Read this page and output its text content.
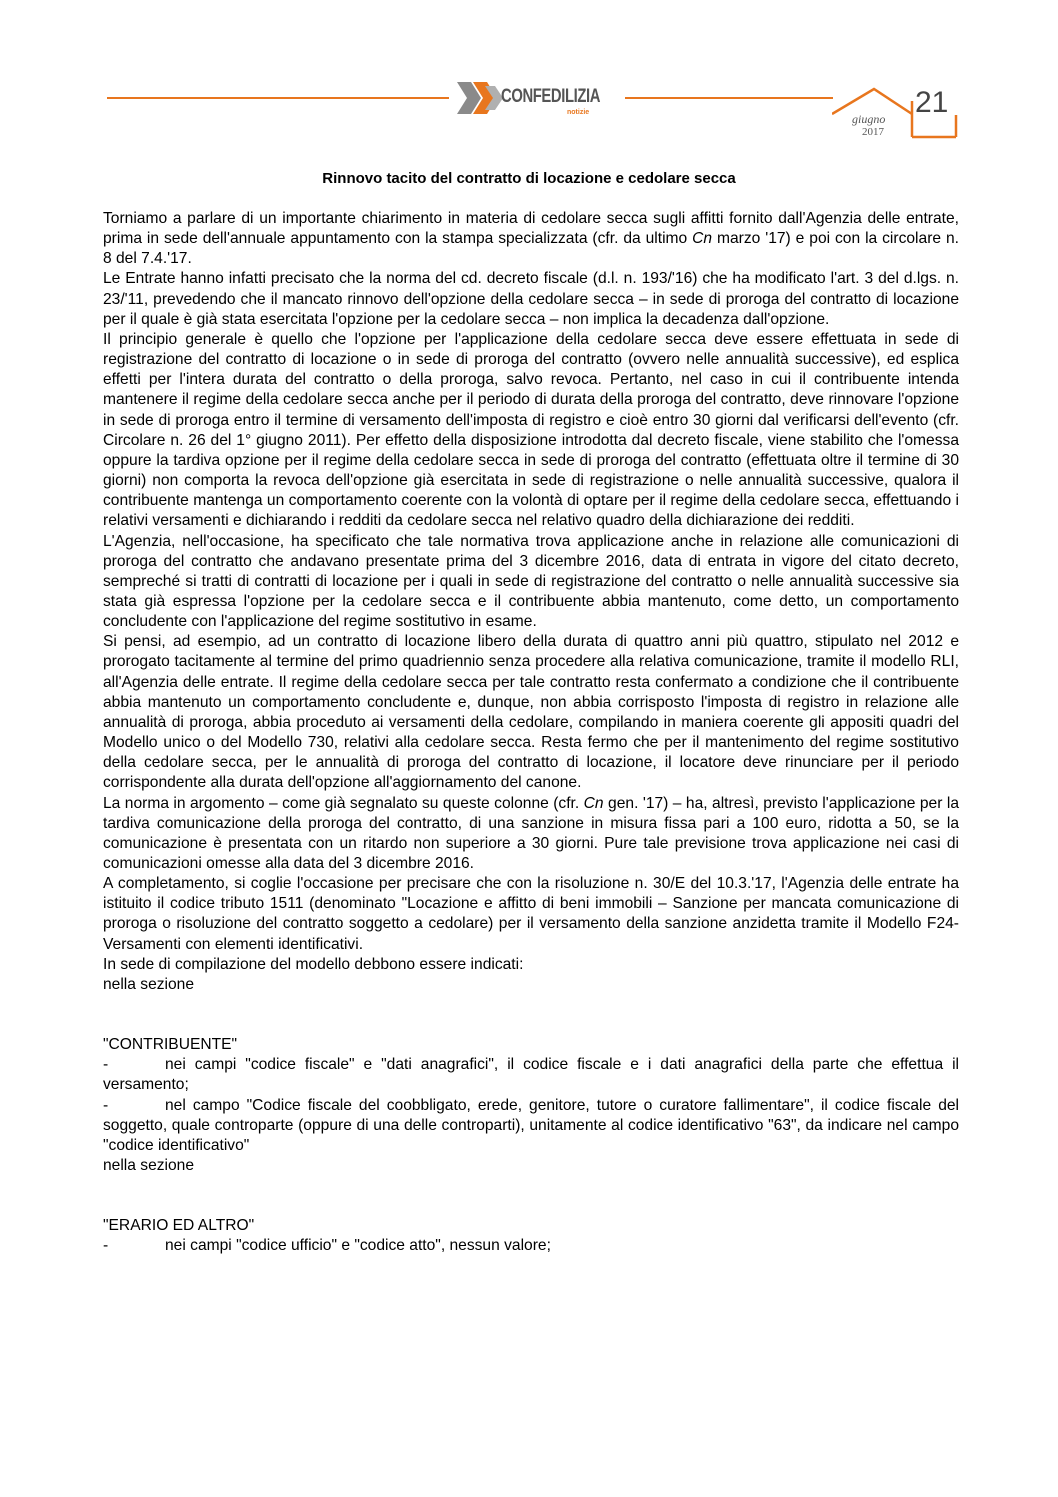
CONFEDILIZIA
notizie	21
giugno
2017
Rinnovo tacito del contratto di locazione e cedolare secca

Torniamo a parlare di un importante chiarimento in materia di cedolare secca sugli affitti fornito dall'Agenzia delle entrate, prima in sede dell'annuale appuntamento con la stampa specializzata (cfr. da ultimo Cn marzo '17) e poi con la circolare n. 8 del 7.4.'17.

Le Entrate hanno infatti precisato che la norma del cd. decreto fiscale (d.l. n. 193/'16) che ha modificato l'art. 3 del d.lgs. n. 23/'11, prevedendo che il mancato rinnovo dell'opzione della cedolare secca – in sede di proroga del contratto di locazione per il quale è già stata esercitata l'opzione per la cedolare secca – non implica la decadenza dall'opzione.

Il principio generale è quello che l'opzione per l'applicazione della cedolare secca deve essere effettuata in sede di registrazione del contratto di locazione o in sede di proroga del contratto (ovvero nelle annualità successive), ed esplica effetti per l'intera durata del contratto o della proroga, salvo revoca. Pertanto, nel caso in cui il contribuente intenda mantenere il regime della cedolare secca anche per il periodo di durata della proroga del contratto, deve rinnovare l'opzione in sede di proroga entro il termine di versamento dell'imposta di registro e cioè entro 30 giorni dal verificarsi dell'evento (cfr. Circolare n. 26 del 1° giugno 2011). Per effetto della disposizione introdotta dal decreto fiscale, viene stabilito che l'omessa oppure la tardiva opzione per il regime della cedolare secca in sede di proroga del contratto (effettuata oltre il termine di 30 giorni) non comporta la revoca dell'opzione già esercitata in sede di registrazione o nelle annualità successive, qualora il contribuente mantenga un comportamento coerente con la volontà di optare per il regime della cedolare secca, effettuando i relativi versamenti e dichiarando i redditi da cedolare secca nel relativo quadro della dichiarazione dei redditi.

L'Agenzia, nell'occasione, ha specificato che tale normativa trova applicazione anche in relazione alle comunicazioni di proroga del contratto che andavano presentate prima del 3 dicembre 2016, data di entrata in vigore del citato decreto, sempreché si tratti di contratti di locazione per i quali in sede di registrazione del contratto o nelle annualità successive sia stata già espressa l'opzione per la cedolare secca e il contribuente abbia mantenuto, come detto, un comportamento concludente con l'applicazione del regime sostitutivo in esame.

Si pensi, ad esempio, ad un contratto di locazione libero della durata di quattro anni più quattro, stipulato nel 2012 e prorogato tacitamente al termine del primo quadriennio senza procedere alla relativa comunicazione, tramite il modello RLI, all'Agenzia delle entrate. Il regime della cedolare secca per tale contratto resta confermato a condizione che il contribuente abbia mantenuto un comportamento concludente e, dunque, non abbia corrisposto l'imposta di registro in relazione alle annualità di proroga, abbia proceduto ai versamenti della cedolare, compilando in maniera coerente gli appositi quadri del Modello unico o del Modello 730, relativi alla cedolare secca. Resta fermo che per il mantenimento del regime sostitutivo della cedolare secca, per le annualità di proroga del contratto di locazione, il locatore deve rinunciare per il periodo corrispondente alla durata dell'opzione all'aggiornamento del canone.

La norma in argomento – come già segnalato su queste colonne (cfr. Cn gen. '17) – ha, altresì, previsto l'applicazione per la tardiva comunicazione della proroga del contratto, di una sanzione in misura fissa pari a 100 euro, ridotta a 50, se la comunicazione è presentata con un ritardo non superiore a 30 giorni. Pure tale previsione trova applicazione nei casi di comunicazioni omesse alla data del 3 dicembre 2016.

A completamento, si coglie l'occasione per precisare che con la risoluzione n. 30/E del 10.3.'17, l'Agenzia delle entrate ha istituito il codice tributo 1511 (denominato "Locazione e affitto di beni immobili – Sanzione per mancata comunicazione di proroga o risoluzione del contratto soggetto a cedolare) per il versamento della sanzione anzidetta tramite il Modello F24-Versamenti con elementi identificativi.

In sede di compilazione del modello debbono essere indicati:

nella sezione

"CONTRIBUENTE"

-	nei campi "codice fiscale" e "dati anagrafici", il codice fiscale e i dati anagrafici della parte che effettua il versamento;

-	nel campo "Codice fiscale del coobbligato, erede, genitore, tutore o curatore fallimentare", il codice fiscale del soggetto, quale controparte (oppure di una delle controparti), unitamente al codice identificativo "63", da indicare nel campo "codice identificativo"

nella sezione

"ERARIO ED ALTRO"

-	nei campi "codice ufficio" e "codice atto", nessun valore;
